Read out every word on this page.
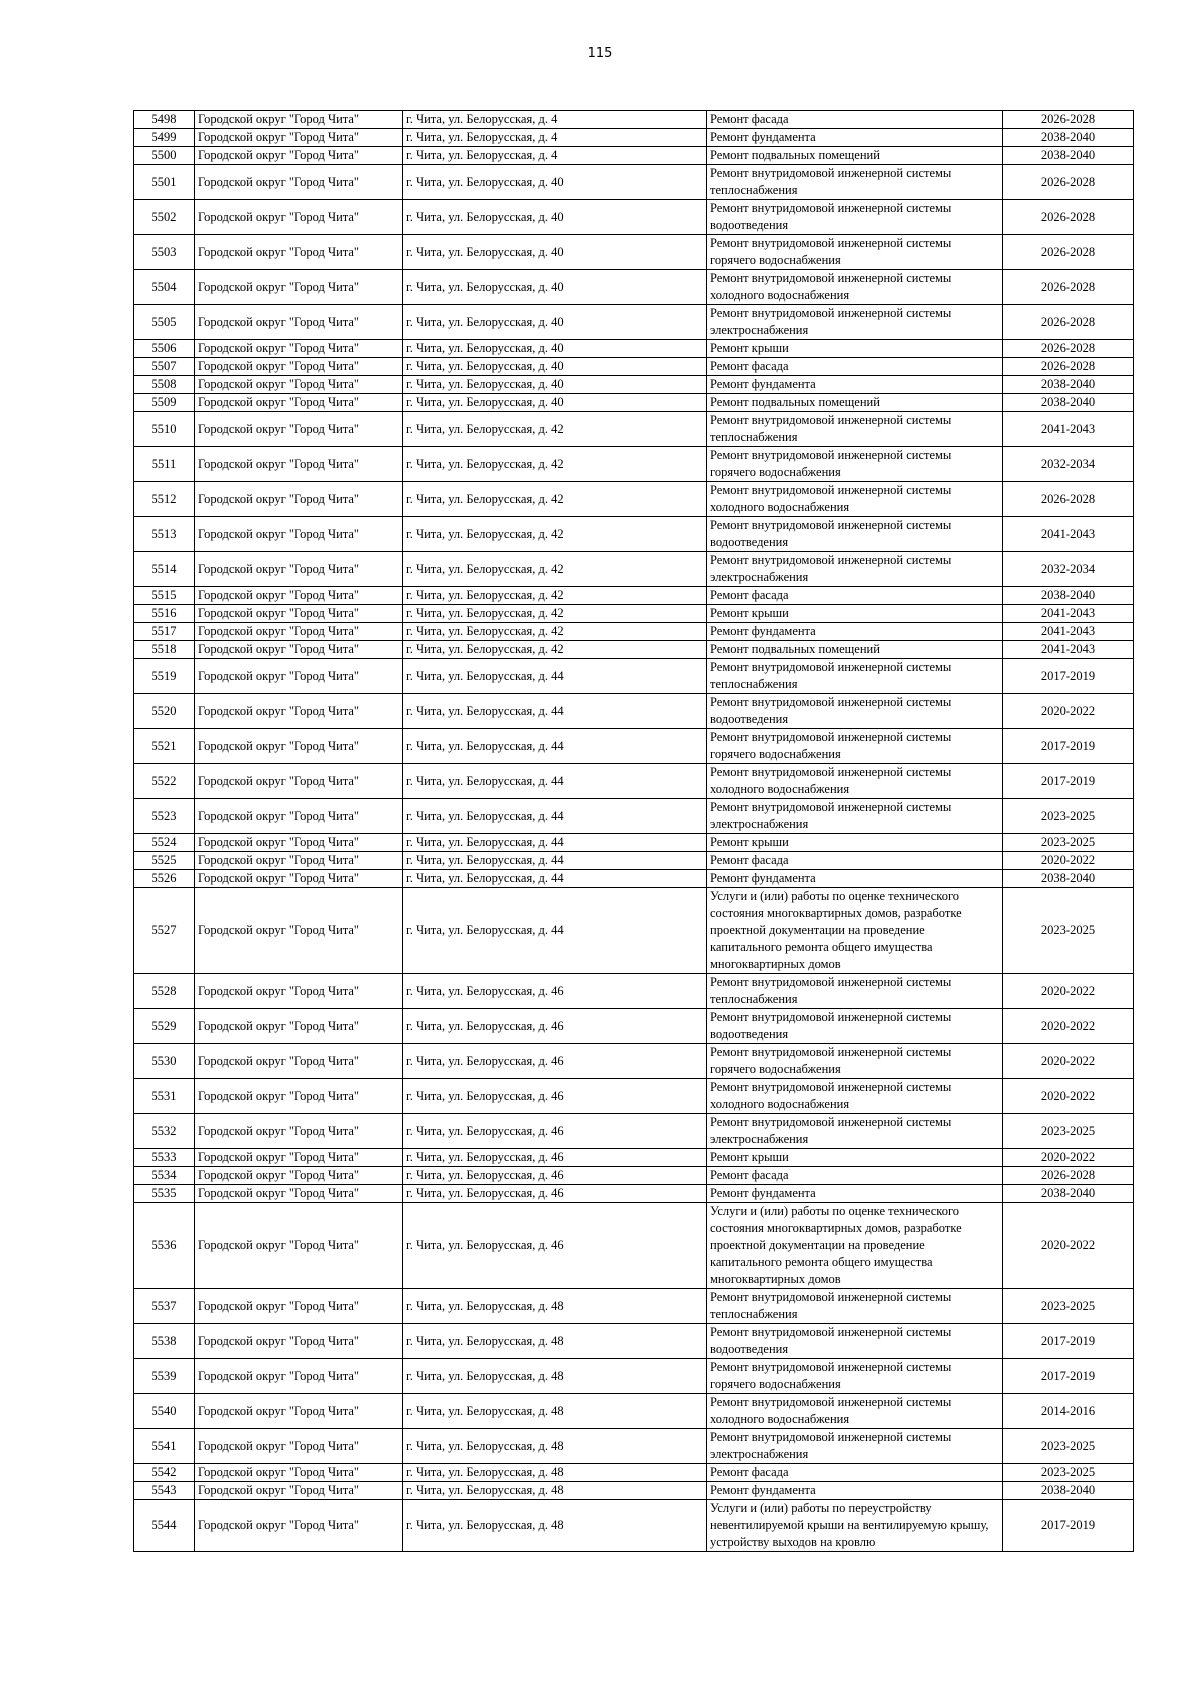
115
5498	Городской округ "Город Чита"	г. Чита, ул. Белорусская, д. 4	Ремонт фасада	2026-2028
5499	Городской округ "Город Чита"	г. Чита, ул. Белорусская, д. 4	Ремонт фундамента	2038-2040
5500	Городской округ "Город Чита"	г. Чита, ул. Белорусская, д. 4	Ремонт подвальных помещений	2038-2040
5501	Городской округ "Город Чита"	г. Чита, ул. Белорусская, д. 40	Ремонт внутридомовой инженерной системы теплоснабжения	2026-2028
5502	Городской округ "Город Чита"	г. Чита, ул. Белорусская, д. 40	Ремонт внутридомовой инженерной системы водоотведения	2026-2028
5503	Городской округ "Город Чита"	г. Чита, ул. Белорусская, д. 40	Ремонт внутридомовой инженерной системы горячего водоснабжения	2026-2028
5504	Городской округ "Город Чита"	г. Чита, ул. Белорусская, д. 40	Ремонт внутридомовой инженерной системы холодного водоснабжения	2026-2028
5505	Городской округ "Город Чита"	г. Чита, ул. Белорусская, д. 40	Ремонт внутридомовой инженерной системы электроснабжения	2026-2028
5506	Городской округ "Город Чита"	г. Чита, ул. Белорусская, д. 40	Ремонт крыши	2026-2028
5507	Городской округ "Город Чита"	г. Чита, ул. Белорусская, д. 40	Ремонт фасада	2026-2028
5508	Городской округ "Город Чита"	г. Чита, ул. Белорусская, д. 40	Ремонт фундамента	2038-2040
5509	Городской округ "Город Чита"	г. Чита, ул. Белорусская, д. 40	Ремонт подвальных помещений	2038-2040
5510	Городской округ "Город Чита"	г. Чита, ул. Белорусская, д. 42	Ремонт внутридомовой инженерной системы теплоснабжения	2041-2043
5511	Городской округ "Город Чита"	г. Чита, ул. Белорусская, д. 42	Ремонт внутридомовой инженерной системы горячего водоснабжения	2032-2034
5512	Городской округ "Город Чита"	г. Чита, ул. Белорусская, д. 42	Ремонт внутридомовой инженерной системы холодного водоснабжения	2026-2028
5513	Городской округ "Город Чита"	г. Чита, ул. Белорусская, д. 42	Ремонт внутридомовой инженерной системы водоотведения	2041-2043
5514	Городской округ "Город Чита"	г. Чита, ул. Белорусская, д. 42	Ремонт внутридомовой инженерной системы электроснабжения	2032-2034
5515	Городской округ "Город Чита"	г. Чита, ул. Белорусская, д. 42	Ремонт фасада	2038-2040
5516	Городской округ "Город Чита"	г. Чита, ул. Белорусская, д. 42	Ремонт крыши	2041-2043
5517	Городской округ "Город Чита"	г. Чита, ул. Белорусская, д. 42	Ремонт фундамента	2041-2043
5518	Городской округ "Город Чита"	г. Чита, ул. Белорусская, д. 42	Ремонт подвальных помещений	2041-2043
5519	Городской округ "Город Чита"	г. Чита, ул. Белорусская, д. 44	Ремонт внутридомовой инженерной системы теплоснабжения	2017-2019
5520	Городской округ "Город Чита"	г. Чита, ул. Белорусская, д. 44	Ремонт внутридомовой инженерной системы водоотведения	2020-2022
5521	Городской округ "Город Чита"	г. Чита, ул. Белорусская, д. 44	Ремонт внутридомовой инженерной системы горячего водоснабжения	2017-2019
5522	Городской округ "Город Чита"	г. Чита, ул. Белорусская, д. 44	Ремонт внутридомовой инженерной системы холодного водоснабжения	2017-2019
5523	Городской округ "Город Чита"	г. Чита, ул. Белорусская, д. 44	Ремонт внутридомовой инженерной системы электроснабжения	2023-2025
5524	Городской округ "Город Чита"	г. Чита, ул. Белорусская, д. 44	Ремонт крыши	2023-2025
5525	Городской округ "Город Чита"	г. Чита, ул. Белорусская, д. 44	Ремонт фасада	2020-2022
5526	Городской округ "Город Чита"	г. Чита, ул. Белорусская, д. 44	Ремонт фундамента	2038-2040
5527	Городской округ "Город Чита"	г. Чита, ул. Белорусская, д. 44	Услуги и (или) работы по оценке технического состояния многоквартирных домов, разработке проектной документации на проведение капитального ремонта общего имущества многоквартирных домов	2023-2025
5528	Городской округ "Город Чита"	г. Чита, ул. Белорусская, д. 46	Ремонт внутридомовой инженерной системы теплоснабжения	2020-2022
5529	Городской округ "Город Чита"	г. Чита, ул. Белорусская, д. 46	Ремонт внутридомовой инженерной системы водоотведения	2020-2022
5530	Городской округ "Город Чита"	г. Чита, ул. Белорусская, д. 46	Ремонт внутридомовой инженерной системы горячего водоснабжения	2020-2022
5531	Городской округ "Город Чита"	г. Чита, ул. Белорусская, д. 46	Ремонт внутридомовой инженерной системы холодного водоснабжения	2020-2022
5532	Городской округ "Город Чита"	г. Чита, ул. Белорусская, д. 46	Ремонт внутридомовой инженерной системы электроснабжения	2023-2025
5533	Городской округ "Город Чита"	г. Чита, ул. Белорусская, д. 46	Ремонт крыши	2020-2022
5534	Городской округ "Город Чита"	г. Чита, ул. Белорусская, д. 46	Ремонт фасада	2026-2028
5535	Городской округ "Город Чита"	г. Чита, ул. Белорусская, д. 46	Ремонт фундамента	2038-2040
5536	Городской округ "Город Чита"	г. Чита, ул. Белорусская, д. 46	Услуги и (или) работы по оценке технического состояния многоквартирных домов, разработке проектной документации на проведение капитального ремонта общего имущества многоквартирных домов	2020-2022
5537	Городской округ "Город Чита"	г. Чита, ул. Белорусская, д. 48	Ремонт внутридомовой инженерной системы теплоснабжения	2023-2025
5538	Городской округ "Город Чита"	г. Чита, ул. Белорусская, д. 48	Ремонт внутридомовой инженерной системы водоотведения	2017-2019
5539	Городской округ "Город Чита"	г. Чита, ул. Белорусская, д. 48	Ремонт внутридомовой инженерной системы горячего водоснабжения	2017-2019
5540	Городской округ "Город Чита"	г. Чита, ул. Белорусская, д. 48	Ремонт внутридомовой инженерной системы холодного водоснабжения	2014-2016
5541	Городской округ "Город Чита"	г. Чита, ул. Белорусская, д. 48	Ремонт внутридомовой инженерной системы электроснабжения	2023-2025
5542	Городской округ "Город Чита"	г. Чита, ул. Белорусская, д. 48	Ремонт фасада	2023-2025
5543	Городской округ "Город Чита"	г. Чита, ул. Белорусская, д. 48	Ремонт фундамента	2038-2040
5544	Городской округ "Город Чита"	г. Чита, ул. Белорусская, д. 48	Услуги и (или) работы по переустройству невентилируемой крыши на вентилируемую крышу, устройству выходов на кровлю	2017-2019
